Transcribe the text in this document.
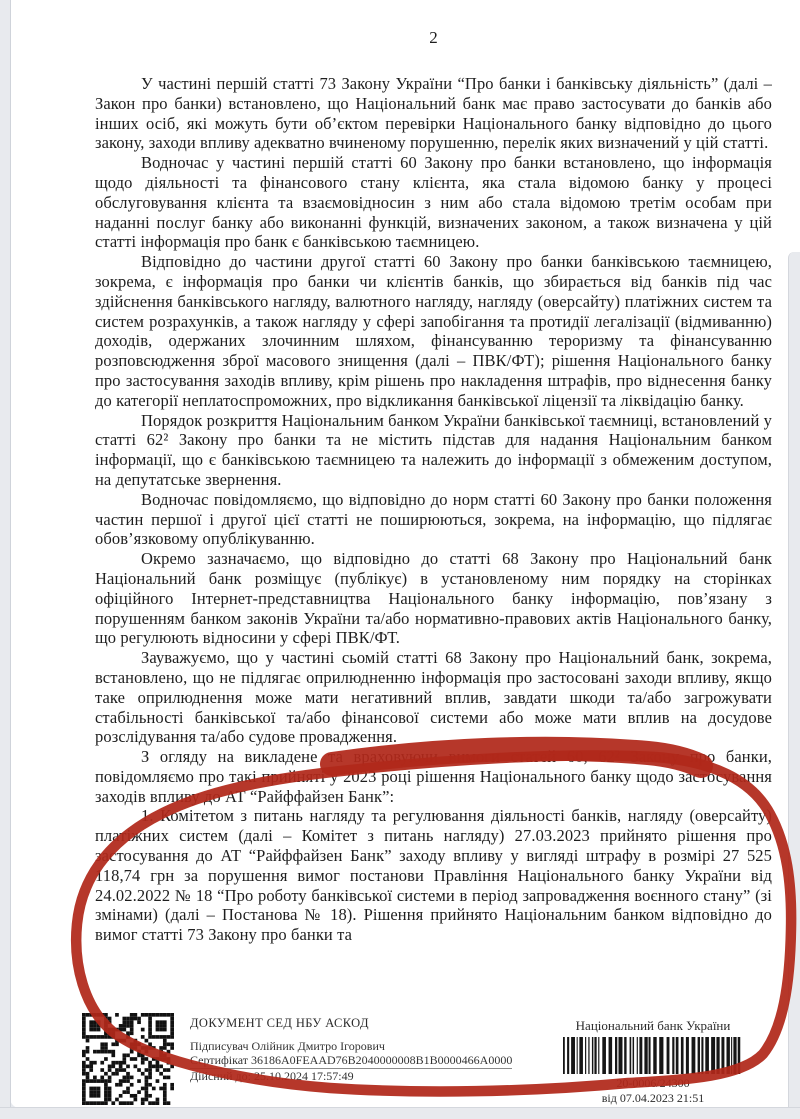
2

У частині першій статті 73 Закону України “Про банки і банківську діяльність” (далі – Закон про банки) встановлено, що Національний банк має право застосувати до банків або інших осіб, які можуть бути об’єктом перевірки Національного банку відповідно до цього закону, заходи впливу адекватно вчиненому порушенню, перелік яких визначений у цій статті.

Водночас у частині першій статті 60 Закону про банки встановлено, що інформація щодо діяльності та фінансового стану клієнта, яка стала відомою банку у процесі обслуговування клієнта та взаємовідносин з ним або стала відомою третім особам при наданні послуг банку або виконанні функцій, визначених законом, а також визначена у цій статті інформація про банк є банківською таємницею.

Відповідно до частини другої статті 60 Закону про банки банківською таємницею, зокрема, є інформація про банки чи клієнтів банків, що збирається від банків під час здійснення банківського нагляду, валютного нагляду, нагляду (оверсайту) платіжних систем та систем розрахунків, а також нагляду у сфері запобігання та протидії легалізації (відмиванню) доходів, одержаних злочинним шляхом, фінансуванню тероризму та фінансуванню розповсюдження зброї масового знищення (далі – ПВК/ФТ); рішення Національного банку про застосування заходів впливу, крім рішень про накладення штрафів, про віднесення банку до категорії неплатоспроможних, про відкликання банківської ліцензії та ліквідацію банку.

Порядок розкриття Національним банком України банківської таємниці, встановлений у статті 62² Закону про банки та не містить підстав для надання Національним банком інформації, що є банківською таємницею та належить до інформації з обмеженим доступом, на депутатське звернення.

Водночас повідомляємо, що відповідно до норм статті 60 Закону про банки положення частин першої і другої цієї статті не поширюються, зокрема, на інформацію, що підлягає обов’язковому опублікуванню.

Окремо зазначаємо, що відповідно до статті 68 Закону про Національний банк Національний банк розміщує (публікує) в установленому ним порядку на сторінках офіційного Інтернет-представництва Національного банку інформацію, пов’язану з порушенням банком законів України та/або нормативно-правових актів Національного банку, що регулюють відносини у сфері ПВК/ФТ.

Зауважуємо, що у частині сьомій статті 68 Закону про Національний банк, зокрема, встановлено, що не підлягає оприлюдненню інформація про застосовані заходи впливу, якщо таке оприлюднення може мати негативний вплив, завдати шкоди та/або загрожувати стабільності банківської та/або фінансової системи або може мати вплив на досудове розслідування та/або судове провадження.

З огляду на викладене та враховуючи вимоги статей 60, 62² Закону про банки, повідомляємо про такі прийняті у 2023 році рішення Національного банку щодо застосування заходів впливу до АТ “Райффайзен Банк”:

1. Комітетом з питань нагляду та регулювання діяльності банків, нагляду (оверсайту) платіжних систем (далі – Комітет з питань нагляду) 27.03.2023 прийнято рішення про застосування до АТ “Райффайзен Банк” заходу впливу у вигляді штрафу в розмірі 27 525 118,74 грн за порушення вимог постанови Правління Національного банку України від 24.02.2022 № 18 “Про роботу банківської системи в період запровадження воєнного стану” (зі змінами) (далі – Постанова № 18). Рішення прийнято Національним банком відповідно до вимог статті 73 Закону про банки та

ДОКУМЕНТ СЕД НБУ АСКОД
Підписувач Олійник Дмитро Ігорович
Сертифікат 36186A0FEAAD76B2040000008B1B0000466A0000
Дійсний до: 25.10.2024 17:57:49
Національний банк України
20-0006/24300
від 07.04.2023 21:51
